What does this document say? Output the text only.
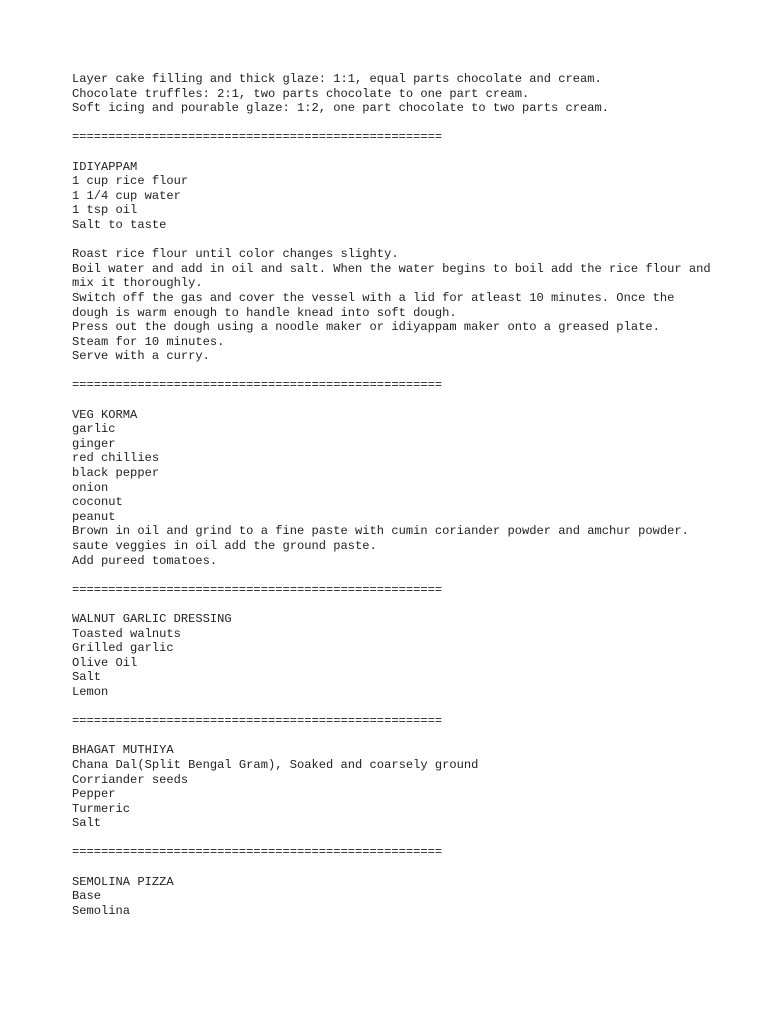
Layer cake filling and thick glaze: 1:1, equal parts chocolate and cream.
Chocolate truffles: 2:1, two parts chocolate to one part cream.
Soft icing and pourable glaze: 1:2, one part chocolate to two parts cream.
===================================================
IDIYAPPAM
1 cup rice flour
1 1/4 cup water
1 tsp oil
Salt to taste
Roast rice flour until color changes slighty.
Boil water and add in oil and salt. When the water begins to boil add the rice flour and mix it thoroughly.
Switch off the gas and cover the vessel with a lid for atleast 10 minutes. Once the dough is warm enough to handle knead into soft dough.
Press out the dough using a noodle maker or idiyappam maker onto a greased plate.
Steam for 10 minutes.
Serve with a curry.
===================================================
VEG KORMA
garlic
ginger
red chillies
black pepper
onion
coconut
peanut
Brown in oil and grind to a fine paste with cumin coriander powder and amchur powder.
saute veggies in oil add the ground paste.
Add pureed tomatoes.
===================================================
WALNUT GARLIC DRESSING
Toasted walnuts
Grilled garlic
Olive Oil
Salt
Lemon
===================================================
BHAGAT MUTHIYA
Chana Dal(Split Bengal Gram), Soaked and coarsely ground
Corriander seeds
Pepper
Turmeric
Salt
===================================================
SEMOLINA PIZZA
Base
Semolina
